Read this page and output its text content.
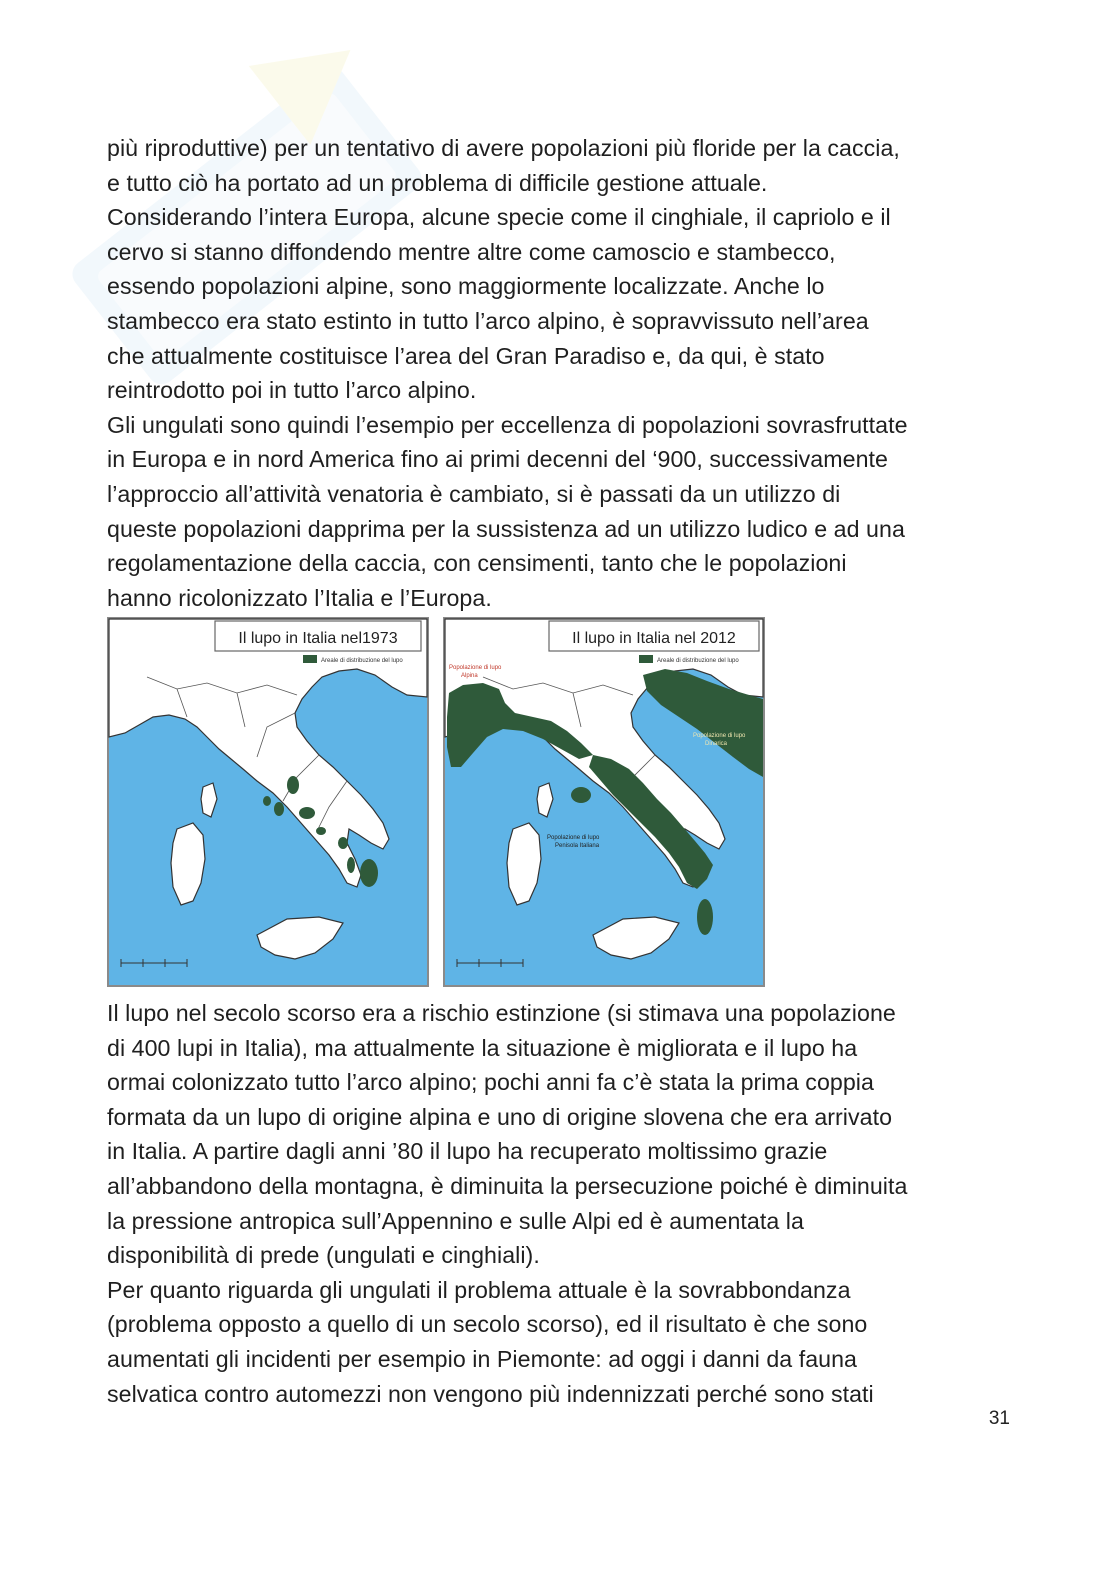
più riproduttive) per un tentativo di avere popolazioni più floride per la caccia,
e tutto ciò ha portato ad un problema di difficile gestione attuale.
Considerando l’intera Europa, alcune specie come il cinghiale, il capriolo e il
cervo si stanno diffondendo mentre altre come camoscio e stambecco,
essendo popolazioni alpine, sono maggiormente localizzate. Anche lo
stambecco era stato estinto in tutto l’arco alpino, è sopravvissuto nell’area
che attualmente costituisce l’area del Gran Paradiso e, da qui, è stato
reintrodotto poi in tutto l’arco alpino.
Gli ungulati sono quindi l’esempio per eccellenza di popolazioni sovrasfruttate
in Europa e in nord America fino ai primi decenni del ‘900, successivamente
l’approccio all’attività venatoria è cambiato, si è passati da un utilizzo di
queste popolazioni dapprima per la sussistenza ad un utilizzo ludico e ad una
regolamentazione della caccia, con censimenti, tanto che le popolazioni
hanno ricolonizzato l’Italia e l’Europa.
Il lupo in Italia nel1973
Areale di distribuzione del lupo
Il lupo in Italia nel 2012
Areale di distribuzione del lupo
Popolazione di lupo Alpina
Popolazione di lupo Dinarica
Popolazione di lupo Penisola Italiana
Il lupo nel secolo scorso era a rischio estinzione (si stimava una popolazione
di 400 lupi in Italia), ma attualmente la situazione è migliorata e il lupo ha
ormai colonizzato tutto l’arco alpino; pochi anni fa c’è stata la prima coppia
formata da un lupo di origine alpina e uno di origine slovena che era arrivato
in Italia. A partire dagli anni ’80 il lupo ha recuperato moltissimo grazie
all’abbandono della montagna, è diminuita la persecuzione poiché è diminuita
la pressione antropica sull’Appennino e sulle Alpi ed è aumentata la
disponibilità di prede (ungulati e cinghiali).
Per quanto riguarda gli ungulati il problema attuale è la sovrabbondanza
(problema opposto a quello di un secolo scorso), ed il risultato è che sono
aumentati gli incidenti per esempio in Piemonte: ad oggi i danni da fauna
selvatica contro automezzi non vengono più indennizzati perché sono stati
31
